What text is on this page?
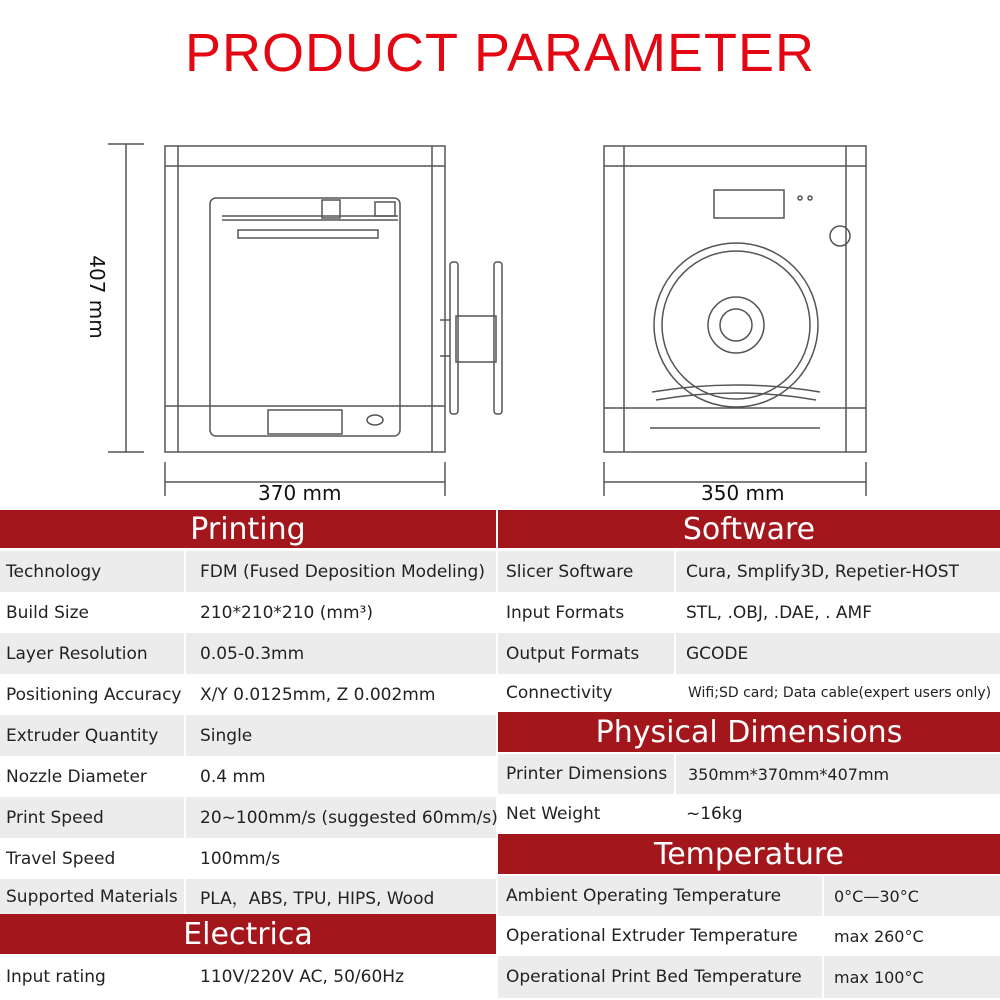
PRODUCT PARAMETER
407 mm
370 mm	350 mm
Printing
Technology	FDM (Fused Deposition Modeling)
Build Size	210*210*210 (mm³)
Layer Resolution	0.05-0.3mm
Positioning Accuracy X/Y 0.0125mm, Z 0.002mm
Extruder Quantity	Single
Nozzle Diameter	0.4 mm
Print Speed	20~100mm/s (suggested 60mm/s)
Travel Speed	100mm/s
Supported Materials	PLA，ABS, TPU, HIPS, Wood
Electrica
Input rating	110V/220V AC, 50/60Hz
Software
Slicer Software	Cura, Smplify3D, Repetier-HOST
Input Formats	STL, .OBJ, .DAE, . AMF
Output Formats	GCODE
Connectivity	Wifi;SD card; Data cable(expert users only)
Physical Dimensions
Printer Dimensions	350mm*370mm*407mm
Net Weight	~16kg
Temperature
Ambient Operating Temperature	0°C—30°C
Operational Extruder Temperature	max 260°C
Operational Print Bed Temperature	max 100°C
